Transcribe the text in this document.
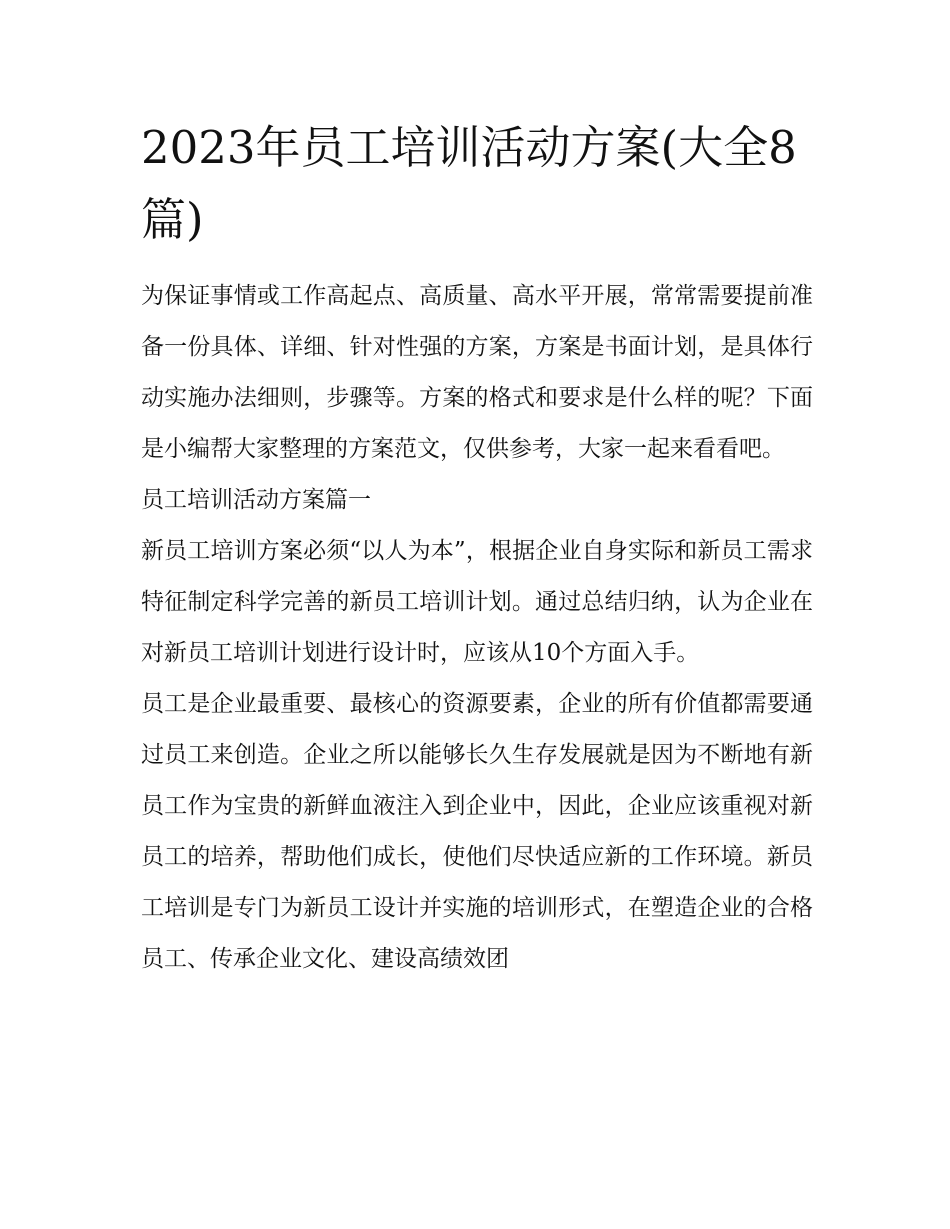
2023年员工培训活动方案(大全8篇)

为保证事情或工作高起点、高质量、高水平开展，常常需要提前准备一份具体、详细、针对性强的方案，方案是书面计划，是具体行动实施办法细则，步骤等。方案的格式和要求是什么样的呢？下面是小编帮大家整理的方案范文，仅供参考，大家一起来看看吧。

员工培训活动方案篇一

新员工培训方案必须“以人为本”，根据企业自身实际和新员工需求特征制定科学完善的新员工培训计划。通过总结归纳，认为企业在对新员工培训计划进行设计时，应该从10个方面入手。

员工是企业最重要、最核心的资源要素，企业的所有价值都需要通过员工来创造。企业之所以能够长久生存发展就是因为不断地有新员工作为宝贵的新鲜血液注入到企业中，因此，企业应该重视对新员工的培养，帮助他们成长，使他们尽快适应新的工作环境。新员工培训是专门为新员工设计并实施的培训形式，在塑造企业的合格员工、传承企业文化、建设高绩效团
